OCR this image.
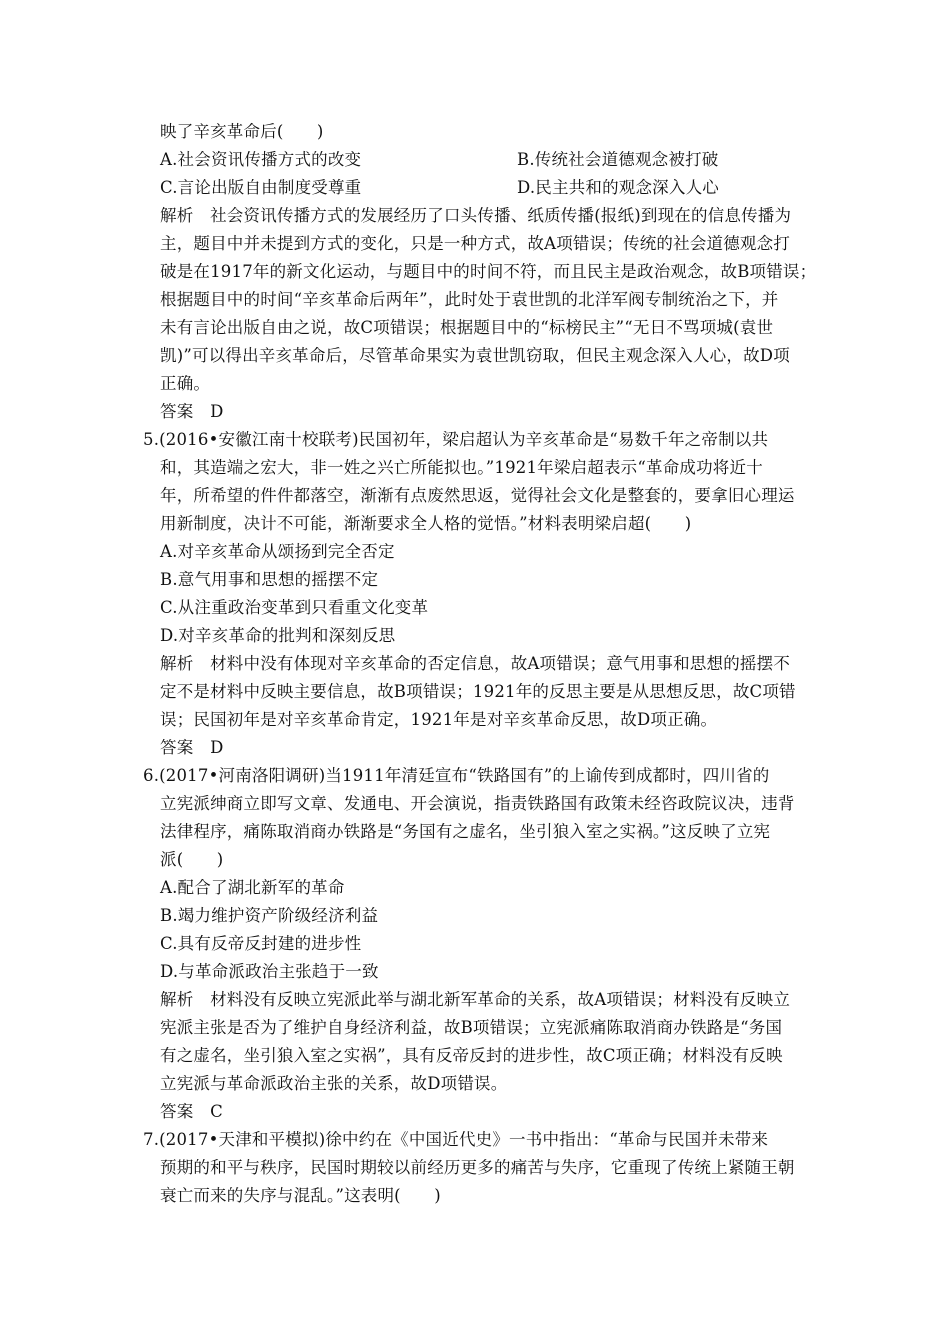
映了辛亥革命后(　　)
A.社会资讯传播方式的改变	B.传统社会道德观念被打破
C.言论出版自由制度受尊重	D.民主共和的观念深入人心
解析　社会资讯传播方式的发展经历了口头传播、纸质传播(报纸)到现在的信息传播为
主，题目中并未提到方式的变化，只是一种方式，故A项错误；传统的社会道德观念打
破是在1917年的新文化运动，与题目中的时间不符，而且民主是政治观念，故B项错误；
根据题目中的时间“辛亥革命后两年”，此时处于袁世凯的北洋军阀专制统治之下，并
未有言论出版自由之说，故C项错误；根据题目中的“标榜民主”“无日不骂项城(袁世
凯)”可以得出辛亥革命后，尽管革命果实为袁世凯窃取，但民主观念深入人心，故D项
正确。
答案　D
5.(2016•安徽江南十校联考)民国初年，梁启超认为辛亥革命是“易数千年之帝制以共
和，其造端之宏大，非一姓之兴亡所能拟也。”1921年梁启超表示“革命成功将近十
年，所希望的件件都落空，渐渐有点废然思返，觉得社会文化是整套的，要拿旧心理运
用新制度，决计不可能，渐渐要求全人格的觉悟。”材料表明梁启超(　　)
A.对辛亥革命从颂扬到完全否定
B.意气用事和思想的摇摆不定
C.从注重政治变革到只看重文化变革
D.对辛亥革命的批判和深刻反思
解析　材料中没有体现对辛亥革命的否定信息，故A项错误；意气用事和思想的摇摆不
定不是材料中反映主要信息，故B项错误；1921年的反思主要是从思想反思，故C项错
误；民国初年是对辛亥革命肯定，1921年是对辛亥革命反思，故D项正确。
答案　D
6.(2017•河南洛阳调研)当1911年清廷宣布“铁路国有”的上谕传到成都时，四川省的
立宪派绅商立即写文章、发通电、开会演说，指责铁路国有政策未经咨政院议决，违背
法律程序，痛陈取消商办铁路是“务国有之虚名，坐引狼入室之实祸。”这反映了立宪
派(　　)
A.配合了湖北新军的革命
B.竭力维护资产阶级经济利益
C.具有反帝反封建的进步性
D.与革命派政治主张趋于一致
解析　材料没有反映立宪派此举与湖北新军革命的关系，故A项错误；材料没有反映立
宪派主张是否为了维护自身经济利益，故B项错误；立宪派痛陈取消商办铁路是“务国
有之虚名，坐引狼入室之实祸”，具有反帝反封的进步性，故C项正确；材料没有反映
立宪派与革命派政治主张的关系，故D项错误。
答案　C
7.(2017•天津和平模拟)徐中约在《中国近代史》一书中指出：“革命与民国并未带来
预期的和平与秩序，民国时期较以前经历更多的痛苦与失序，它重现了传统上紧随王朝
衰亡而来的失序与混乱。”这表明(　　)
